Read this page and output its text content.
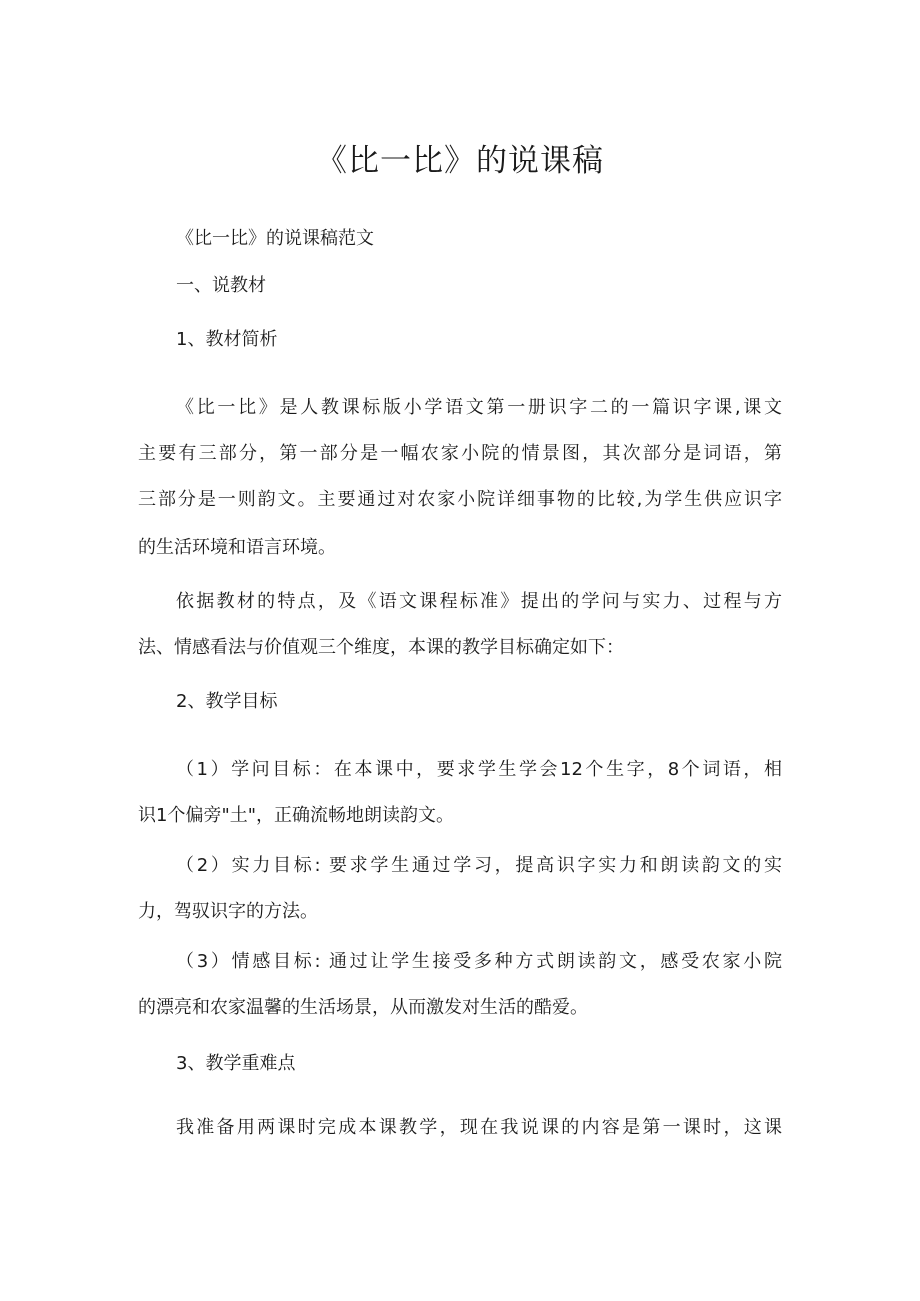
《比一比》的说课稿
《比一比》的说课稿范文
一、说教材
1、教材简析
《比一比》是人教课标版小学语文第一册识字二的一篇识字课,课文
主要有三部分，第一部分是一幅农家小院的情景图，其次部分是词语，第
三部分是一则韵文。主要通过对农家小院详细事物的比较,为学生供应识字
的生活环境和语言环境。
依据教材的特点，及《语文课程标准》提出的学问与实力、过程与方
法、情感看法与价值观三个维度，本课的教学目标确定如下：
2、教学目标
（1）学问目标：在本课中，要求学生学会12个生字，8个词语，相
识1个偏旁"土"，正确流畅地朗读韵文。
（2）实力目标: 要求学生通过学习，提高识字实力和朗读韵文的实
力，驾驭识字的方法。
（3）情感目标: 通过让学生接受多种方式朗读韵文，感受农家小院
的漂亮和农家温馨的生活场景，从而激发对生活的酷爱。
3、教学重难点
我准备用两课时完成本课教学，现在我说课的内容是第一课时，这课
